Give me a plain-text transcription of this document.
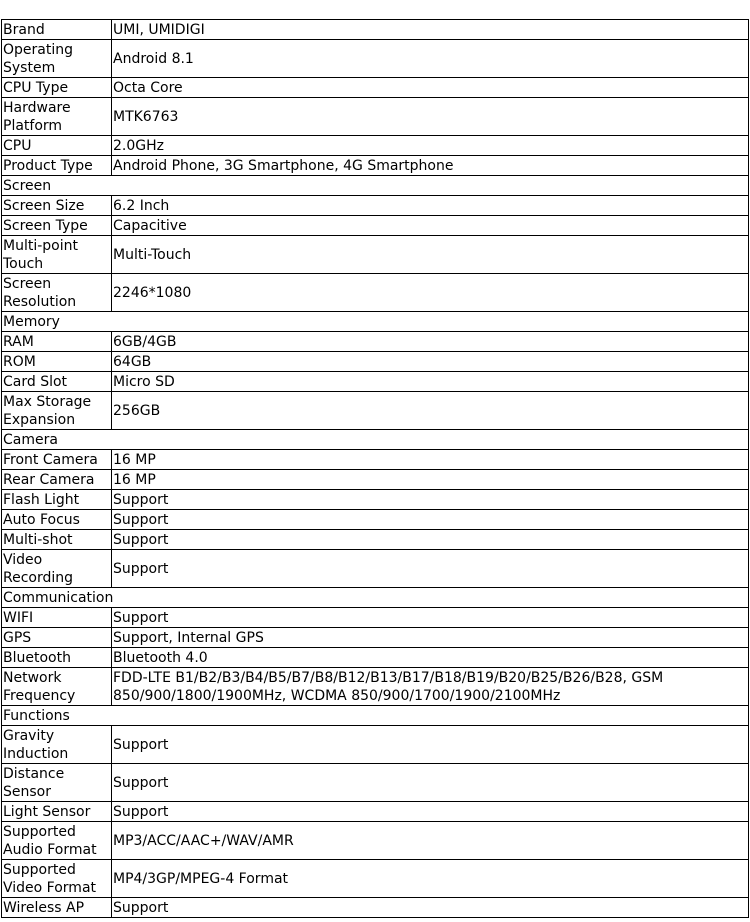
Brand	UMI, UMIDIGI
Operating System	Android 8.1
CPU Type	Octa Core
Hardware Platform	MTK6763
CPU	2.0GHz
Product Type	Android Phone, 3G Smartphone, 4G Smartphone
Screen	
Screen Size	6.2 Inch
Screen Type	Capacitive
Multi-point Touch	Multi-Touch
Screen Resolution	2246*1080
Memory	
RAM	6GB/4GB
ROM	64GB
Card Slot	Micro SD
Max Storage Expansion	256GB
Camera	
Front Camera	16 MP
Rear Camera	16 MP
Flash Light	Support
Auto Focus	Support
Multi-shot	Support
Video Recording	Support
Communication	
WIFI	Support
GPS	Support, Internal GPS
Bluetooth	Bluetooth 4.0
Network Frequency	FDD-LTE B1/B2/B3/B4/B5/B7/B8/B12/B13/B17/B18/B19/B20/B25/B26/B28, GSM 850/900/1800/1900MHz, WCDMA 850/900/1700/1900/2100MHz
Functions	
Gravity Induction	Support
Distance Sensor	Support
Light Sensor	Support
Supported Audio Format	MP3/ACC/AAC+/WAV/AMR
Supported Video Format	MP4/3GP/MPEG-4 Format
Wireless AP	Support
